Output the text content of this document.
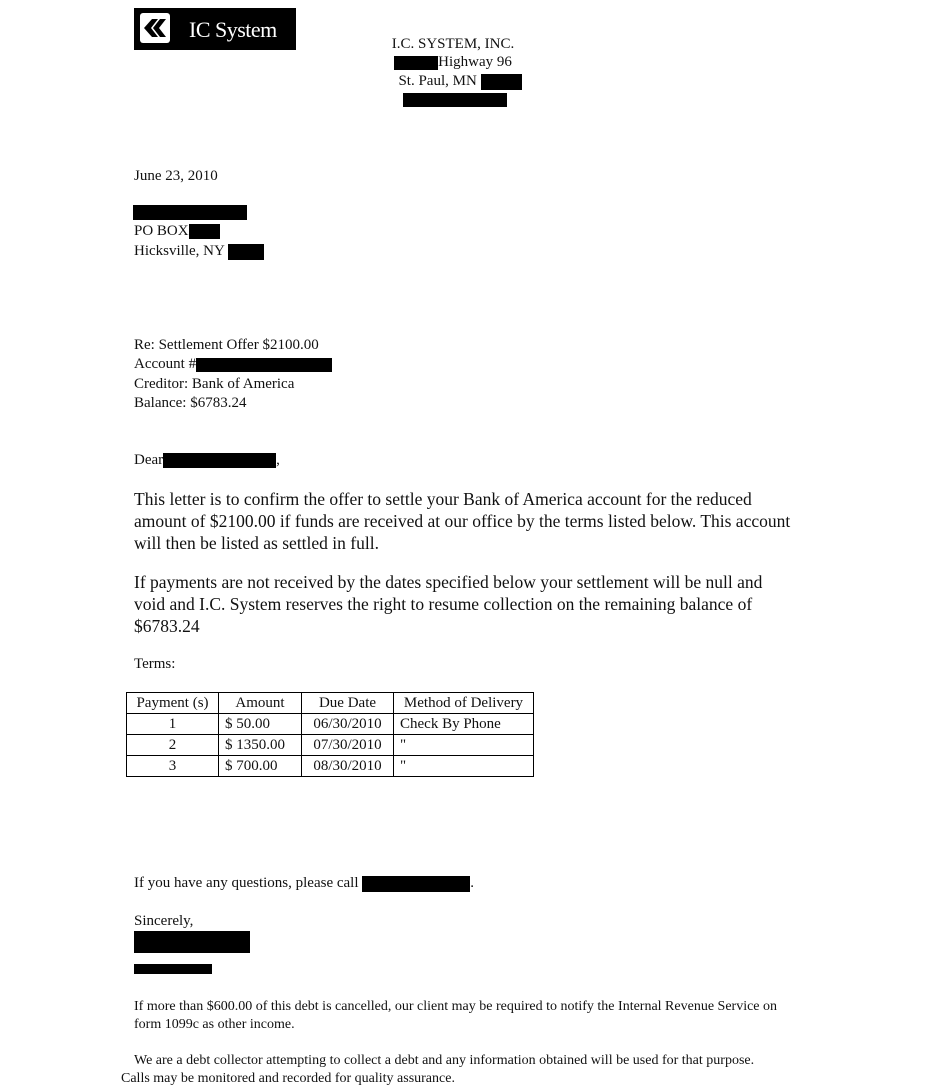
IC System
I.C. SYSTEM, INC.
Highway 96
St. Paul, MN
June 23, 2010
PO BOX
Hicksville, NY
Re: Settlement Offer $2100.00
Account #
Creditor: Bank of America
Balance: $6783.24
Dear	,
This letter is to confirm the offer to settle your Bank of America account for the reduced amount of $2100.00 if funds are received at our office by the terms listed below. This account will then be listed as settled in full.
If payments are not received by the dates specified below your settlement will be null and void and I.C. System reserves the right to resume collection on the remaining balance of $6783.24
Terms:
Payment (s)	Amount	Due Date	Method of Delivery
1	$ 50.00	06/30/2010	Check By Phone
2	$ 1350.00	07/30/2010	"
3	$ 700.00	08/30/2010	"
If you have any questions, please call	.
Sincerely,
If more than $600.00 of this debt is cancelled, our client may be required to notify the Internal Revenue Service on form 1099c as other income.
We are a debt collector attempting to collect a debt and any information obtained will be used for that purpose. Calls may be monitored and recorded for quality assurance.
